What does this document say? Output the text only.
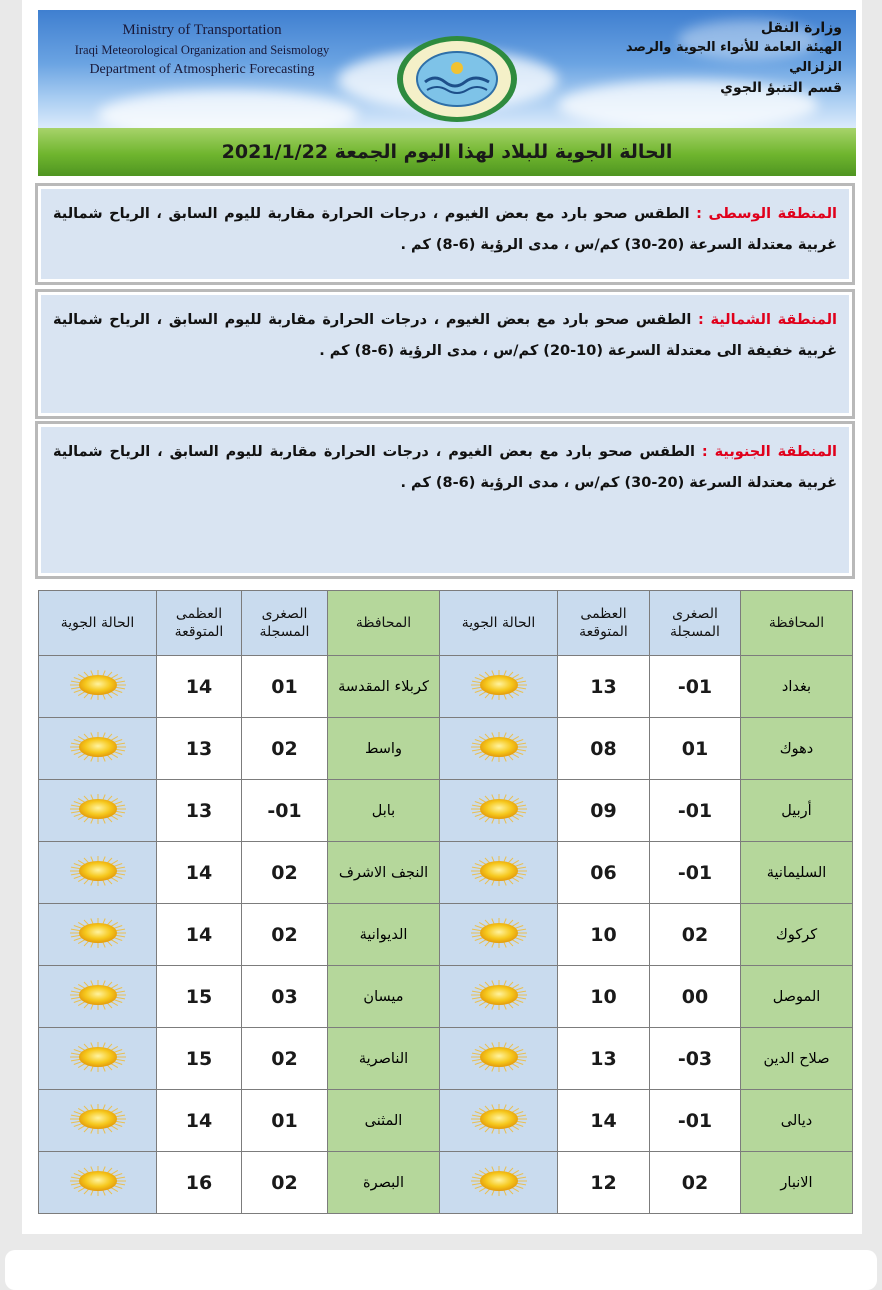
Ministry of Transportation
Iraqi Meteorological Organization and Seismology
Department of Atmospheric Forecasting
وزارة النقل
الهيئة العامة للأنواء الجوية والرصد الزلزالي
قسم التنبؤ الجوي
الحالة الجوية للبلاد لهذا اليوم الجمعة 2021/1/22
المنطقة الوسطى : الطقس صحو بارد مع بعض الغيوم ، درجات الحرارة مقاربة لليوم السابق ، الرياح شمالية غربية معتدلة السرعة (20-30) كم/س ، مدى الرؤية (6-8) كم .
المنطقة الشمالية : الطقس صحو بارد مع بعض الغيوم ، درجات الحرارة مقاربة لليوم السابق ، الرياح شمالية غربية خفيفة الى معتدلة السرعة (10-20) كم/س ، مدى الرؤية (6-8) كم .
المنطقة الجنوبية : الطقس صحو بارد مع بعض الغيوم ، درجات الحرارة مقاربة لليوم السابق ، الرياح شمالية غربية معتدلة السرعة (20-30) كم/س ، مدى الرؤية (6-8) كم .
الحالة الجوية	العظمى المتوقعة	الصغرى المسجلة	المحافظة	الحالة الجوية	العظمى المتوقعة	الصغرى المسجلة	المحافظة
	14	01	كربلاء المقدسة		13	-01	بغداد
	13	02	واسط		08	01	دهوك
	13	-01	بابل		09	-01	أربيل
	14	02	النجف الاشرف		06	-01	السليمانية
	14	02	الديوانية		10	02	كركوك
	15	03	ميسان		10	00	الموصل
	15	02	الناصرية		13	-03	صلاح الدين
	14	01	المثنى		14	-01	ديالى
	16	02	البصرة		12	02	الانبار
